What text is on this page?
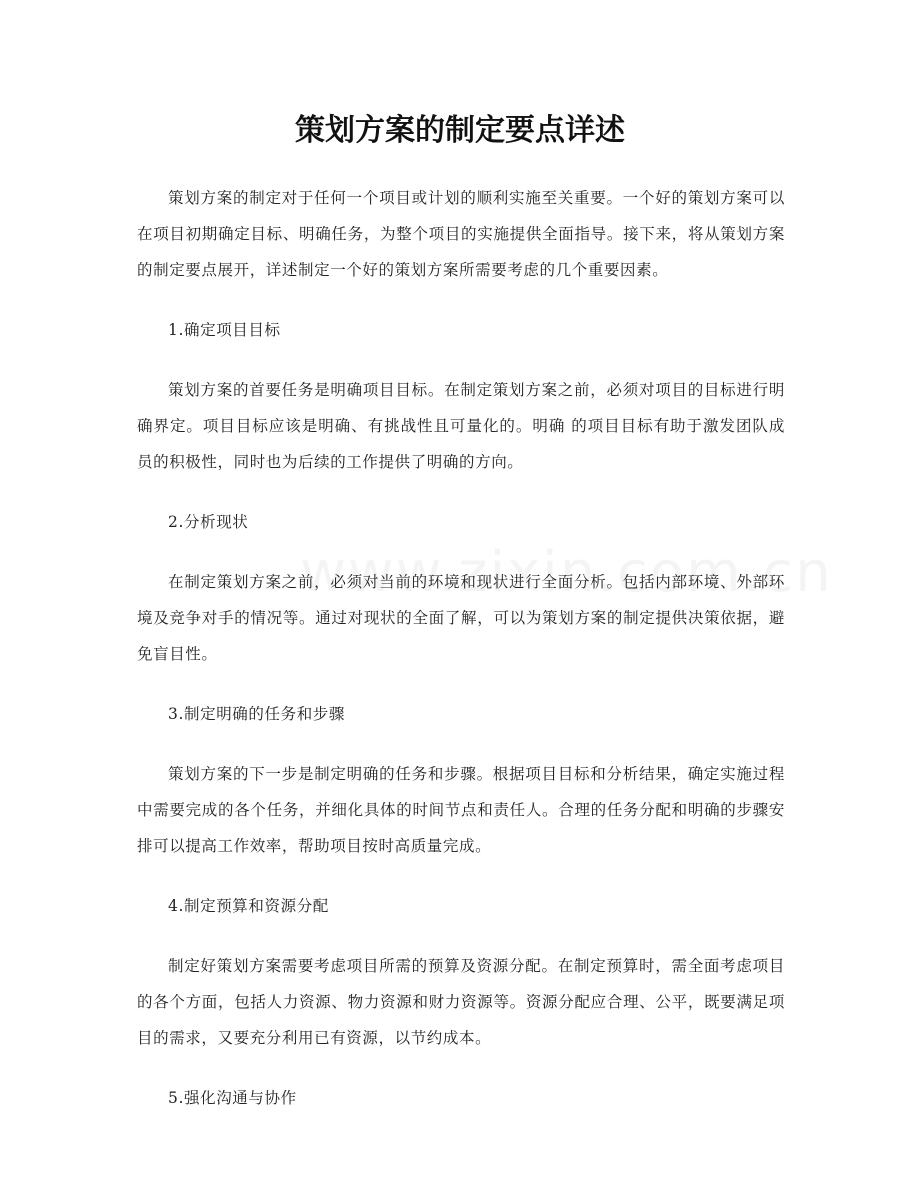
策划方案的制定要点详述

策划方案的制定对于任何一个项目或计划的顺利实施至关重要。一个好的策划方案可以在项目初期确定目标、明确任务，为整个项目的实施提供全面指导。接下来，将从策划方案的制定要点展开，详述制定一个好的策划方案所需要考虑的几个重要因素。

1.确定项目目标

策划方案的首要任务是明确项目目标。在制定策划方案之前，必须对项目的目标进行明确界定。项目目标应该是明确、有挑战性且可量化的。明确 的项目目标有助于激发团队成员的积极性，同时也为后续的工作提供了明确的方向。

2.分析现状

在制定策划方案之前，必须对当前的环境和现状进行全面分析。包括内部环境、外部环境及竞争对手的情况等。通过对现状的全面了解，可以为策划方案的制定提供决策依据，避免盲目性。

3.制定明确的任务和步骤

策划方案的下一步是制定明确的任务和步骤。根据项目目标和分析结果，确定实施过程中需要完成的各个任务，并细化具体的时间节点和责任人。合理的任务分配和明确的步骤安排可以提高工作效率，帮助项目按时高质量完成。

4.制定预算和资源分配

制定好策划方案需要考虑项目所需的预算及资源分配。在制定预算时，需全面考虑项目的各个方面，包括人力资源、物力资源和财力资源等。资源分配应合理、公平，既要满足项目的需求，又要充分利用已有资源，以节约成本。

5.强化沟通与协作
